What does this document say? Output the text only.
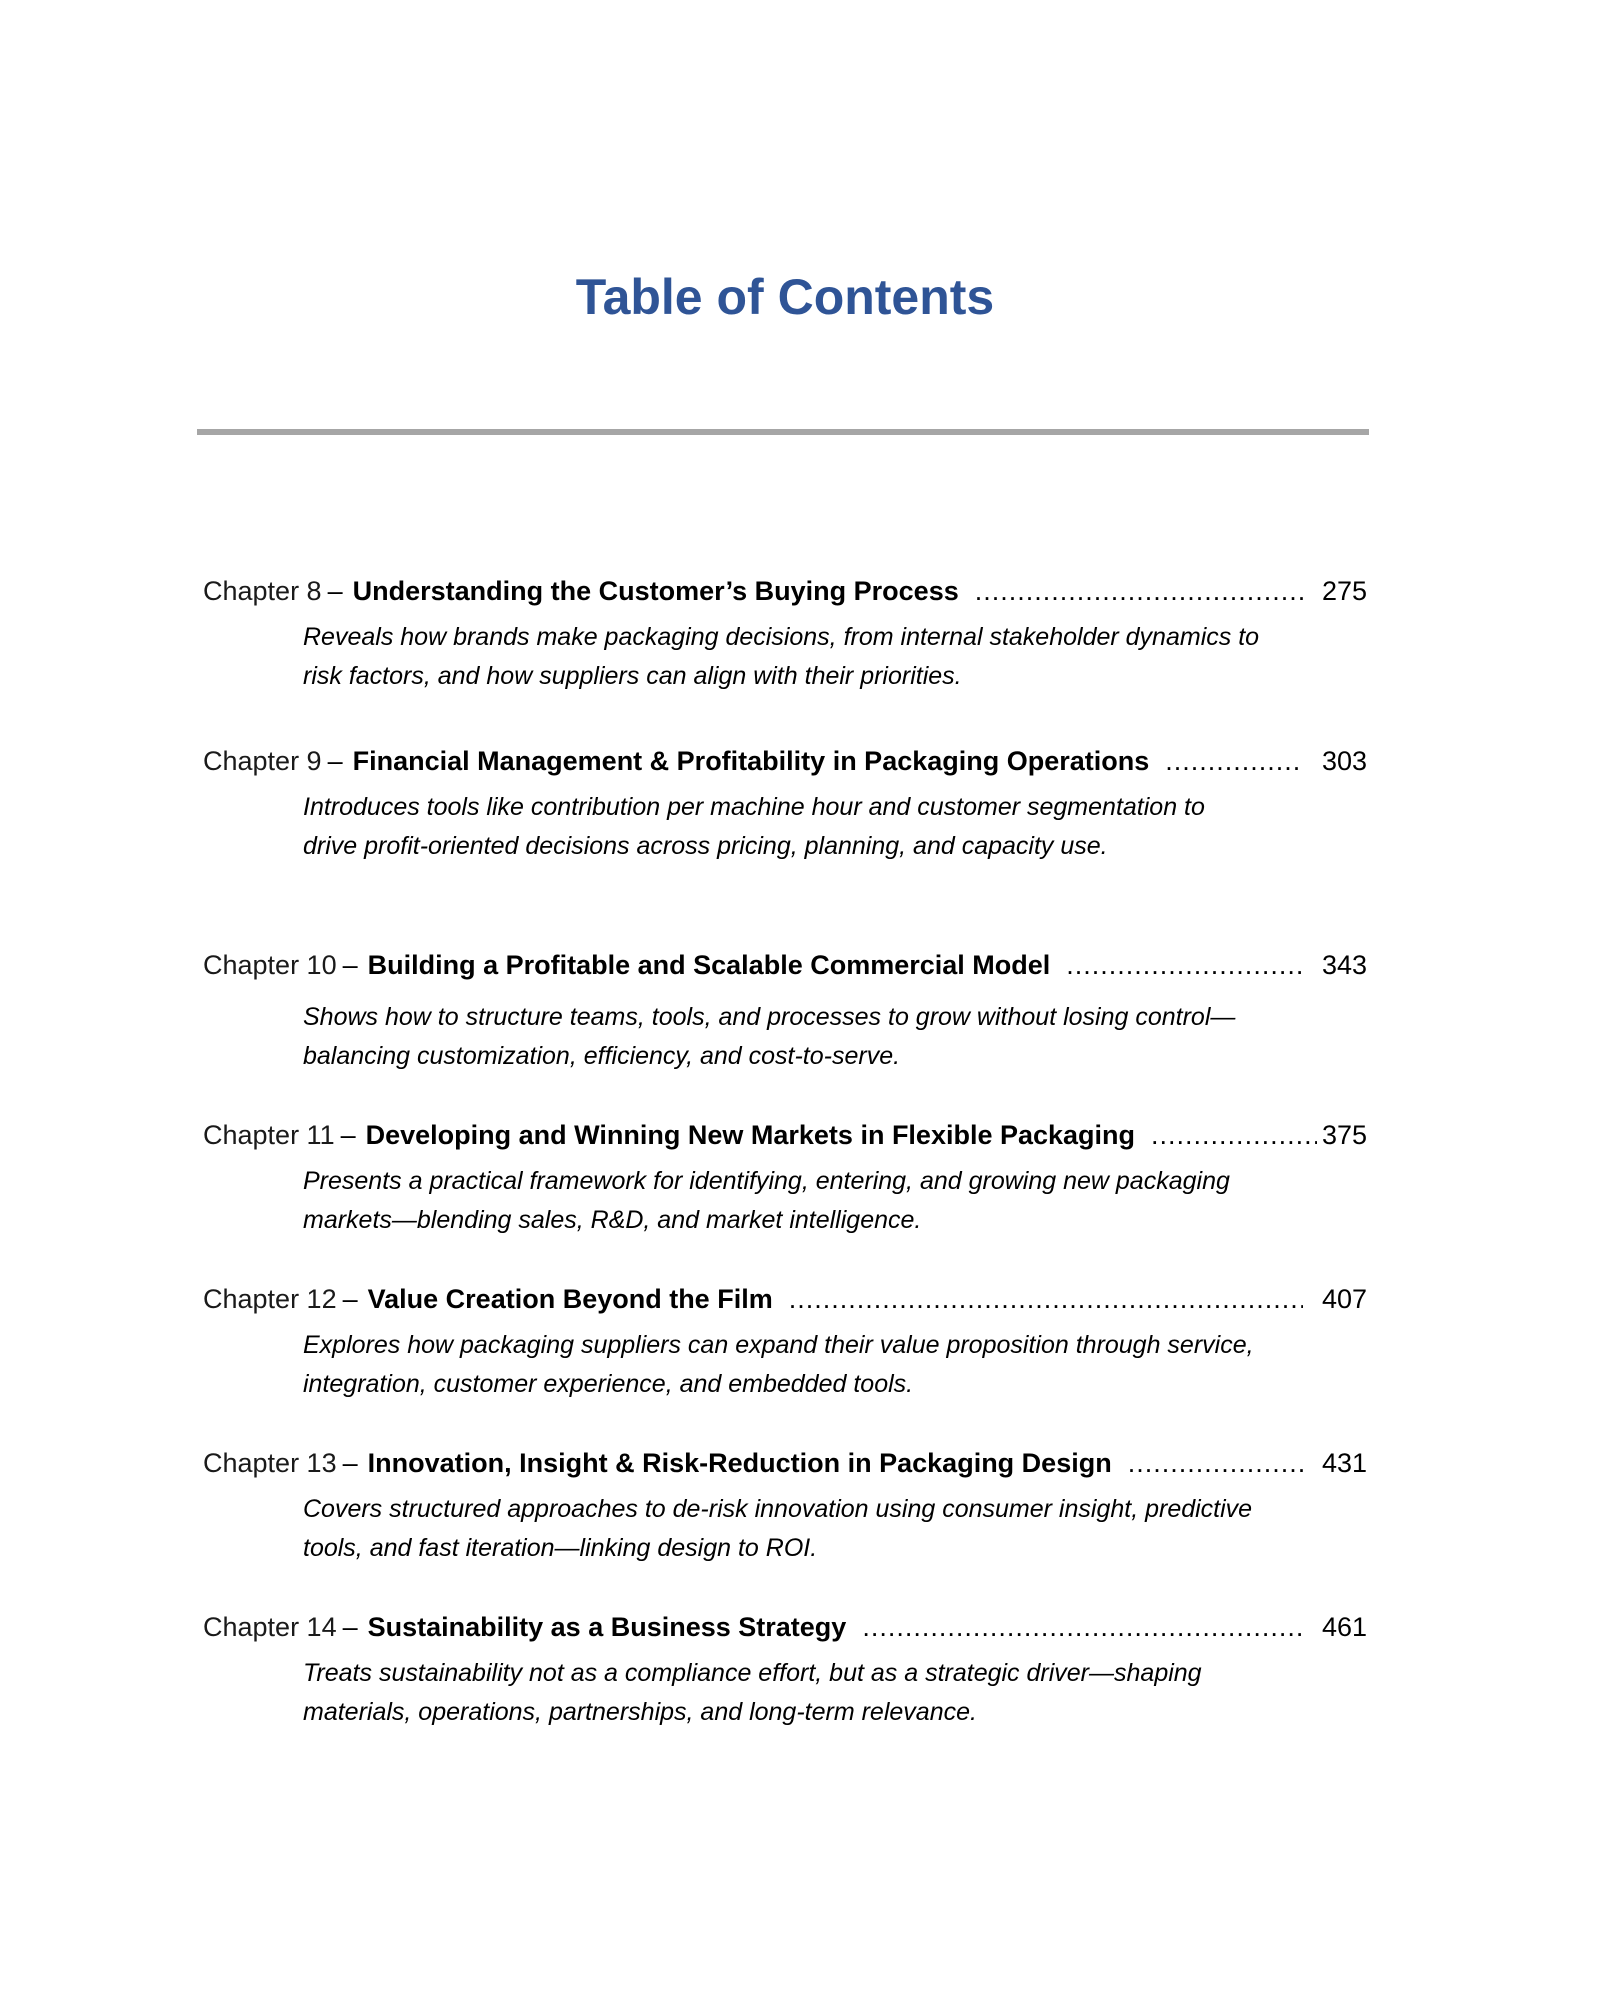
Table of Contents
Chapter 8 – Understanding the Customer’s Buying Process .....	275
Reveals how brands make packaging decisions, from internal stakeholder dynamics to risk factors, and how suppliers can align with their priorities.
Chapter 9 – Financial Management & Profitability in Packaging Operations .....	303
Introduces tools like contribution per machine hour and customer segmentation to drive profit-oriented decisions across pricing, planning, and capacity use.
Chapter 10 – Building a Profitable and Scalable Commercial Model .....	343
Shows how to structure teams, tools, and processes to grow without losing control—balancing customization, efficiency, and cost-to-serve.
Chapter 11 – Developing and Winning New Markets in Flexible Packaging .....	375
Presents a practical framework for identifying, entering, and growing new packaging markets—blending sales, R&D, and market intelligence.
Chapter 12 – Value Creation Beyond the Film .....	407
Explores how packaging suppliers can expand their value proposition through service, integration, customer experience, and embedded tools.
Chapter 13 – Innovation, Insight & Risk-Reduction in Packaging Design .....	431
Covers structured approaches to de-risk innovation using consumer insight, predictive tools, and fast iteration—linking design to ROI.
Chapter 14 – Sustainability as a Business Strategy .....	461
Treats sustainability not as a compliance effort, but as a strategic driver—shaping materials, operations, partnerships, and long-term relevance.
